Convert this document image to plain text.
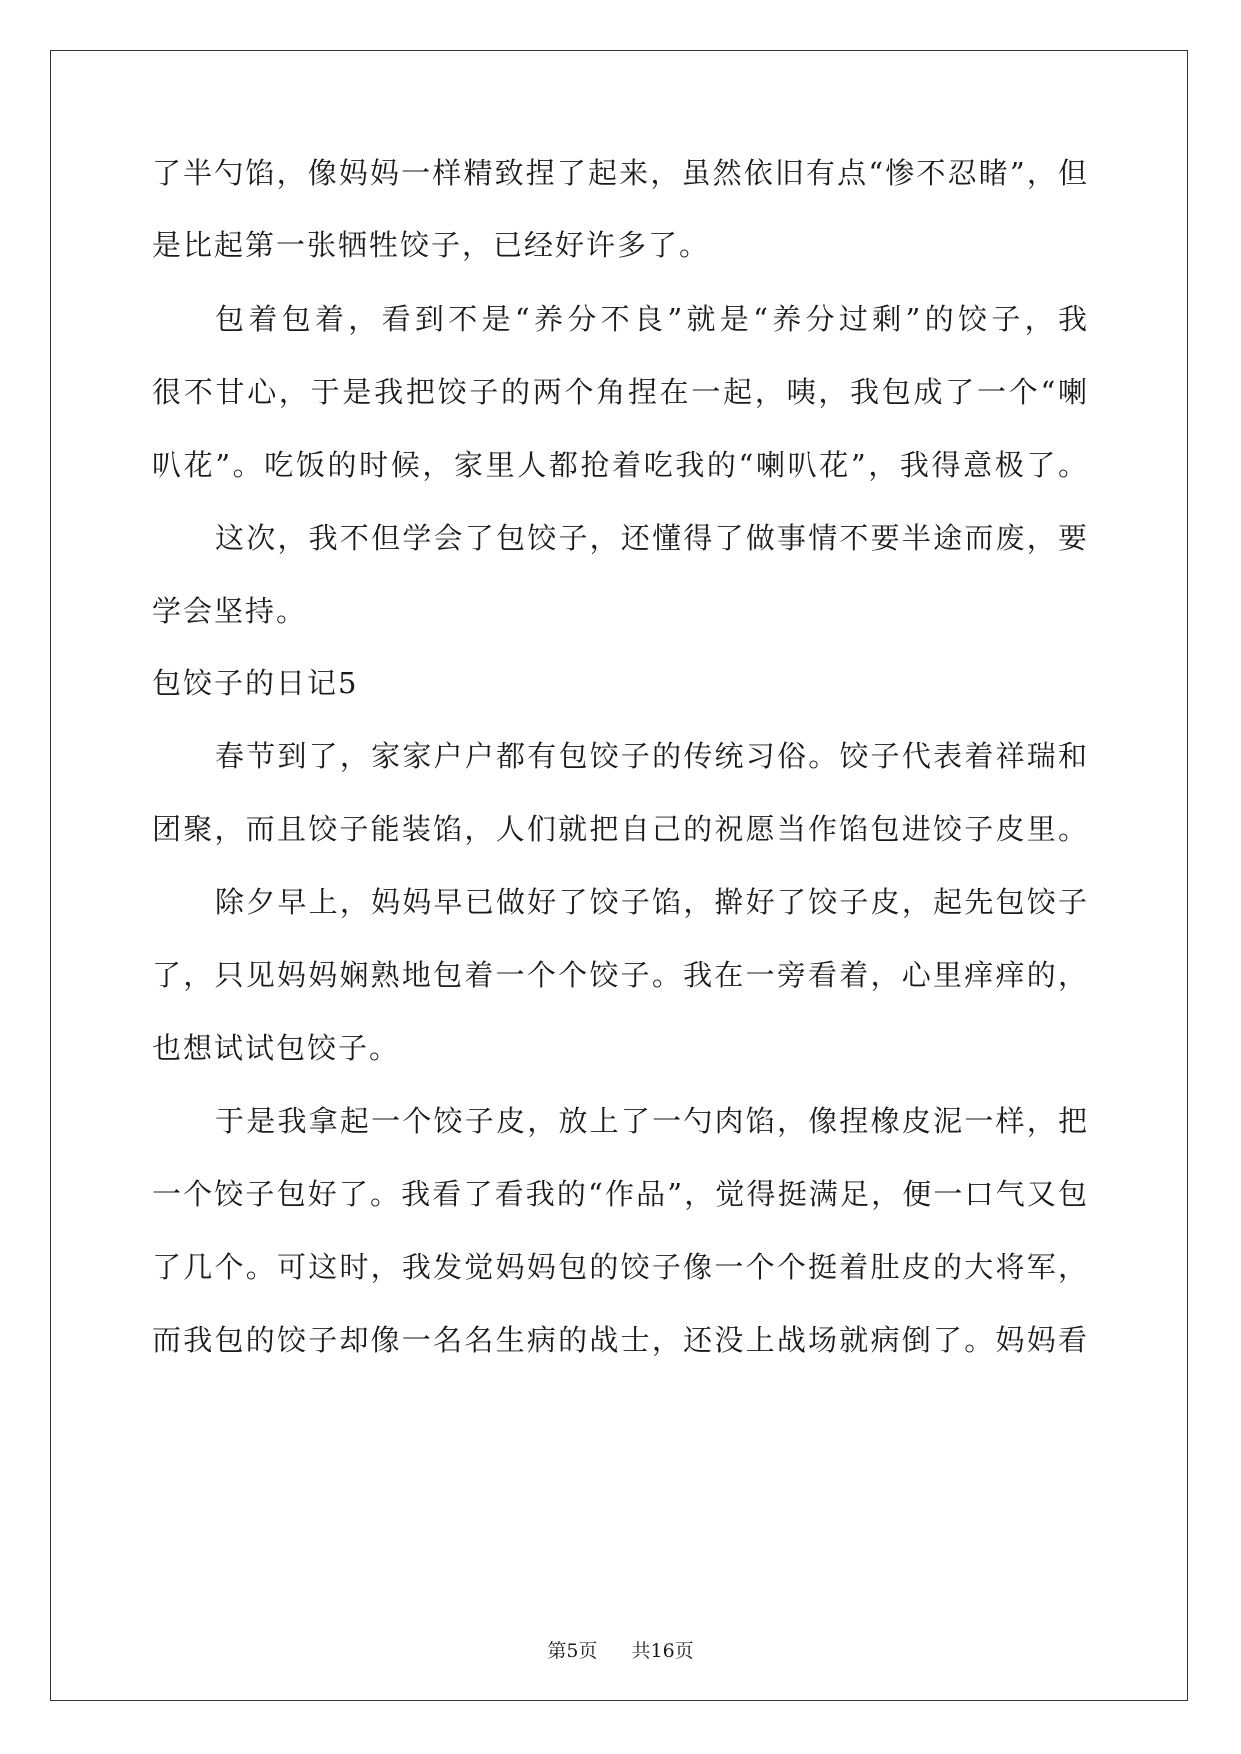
了半勺馅，像妈妈一样精致捏了起来，虽然依旧有点“惨不忍睹”，但
是比起第一张牺牲饺子，已经好许多了。
包着包着，看到不是“养分不良”就是“养分过剩”的饺子，我
很不甘心，于是我把饺子的两个角捏在一起，咦，我包成了一个“喇
叭花”。吃饭的时候，家里人都抢着吃我的“喇叭花”，我得意极了。
这次，我不但学会了包饺子，还懂得了做事情不要半途而废，要
学会坚持。
包饺子的日记5
春节到了，家家户户都有包饺子的传统习俗。饺子代表着祥瑞和
团聚，而且饺子能装馅，人们就把自己的祝愿当作馅包进饺子皮里。
除夕早上，妈妈早已做好了饺子馅，擀好了饺子皮，起先包饺子
了，只见妈妈娴熟地包着一个个饺子。我在一旁看着，心里痒痒的，
也想试试包饺子。
于是我拿起一个饺子皮，放上了一勺肉馅，像捏橡皮泥一样，把
一个饺子包好了。我看了看我的“作品”，觉得挺满足，便一口气又包
了几个。可这时，我发觉妈妈包的饺子像一个个挺着肚皮的大将军，
而我包的饺子却像一名名生病的战士，还没上战场就病倒了。妈妈看
第5页 共16页
